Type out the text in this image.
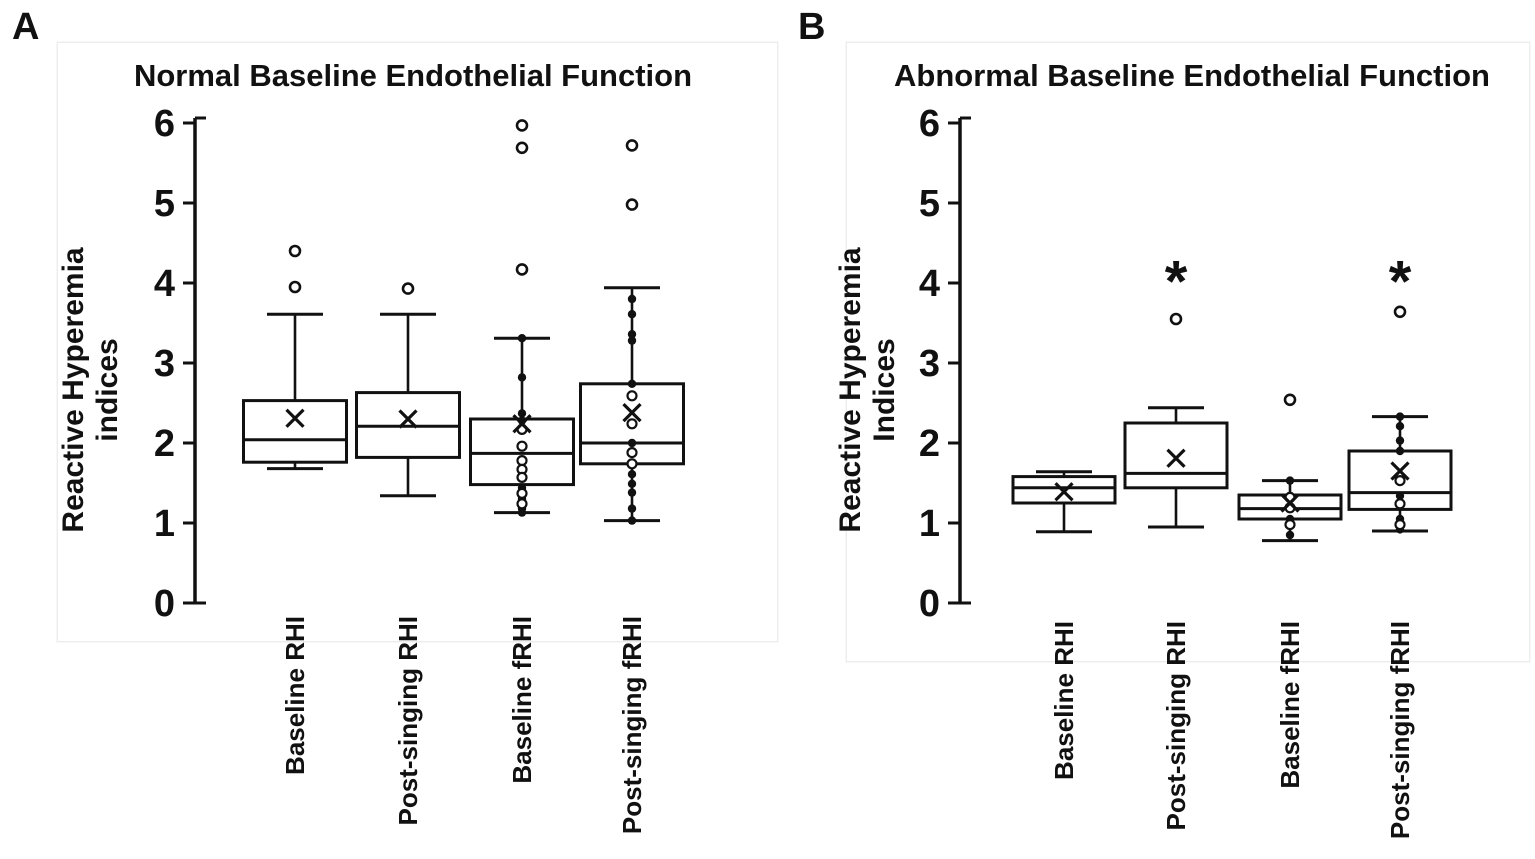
A	B
Normal Baseline Endothelial Function
0
1
2
3
4
5
6
Reactive Hyperemia indices
Baseline RHI	Post-singing RHI	Baseline fRHI	Post-singing fRHI
Abnormal Baseline Endothelial Function
0
1
2
3
4
5
6
Reactive Hyperemia Indices
Baseline RHI
*
Post-singing RHI	Baseline fRHI
*
Post-singing fRHI
